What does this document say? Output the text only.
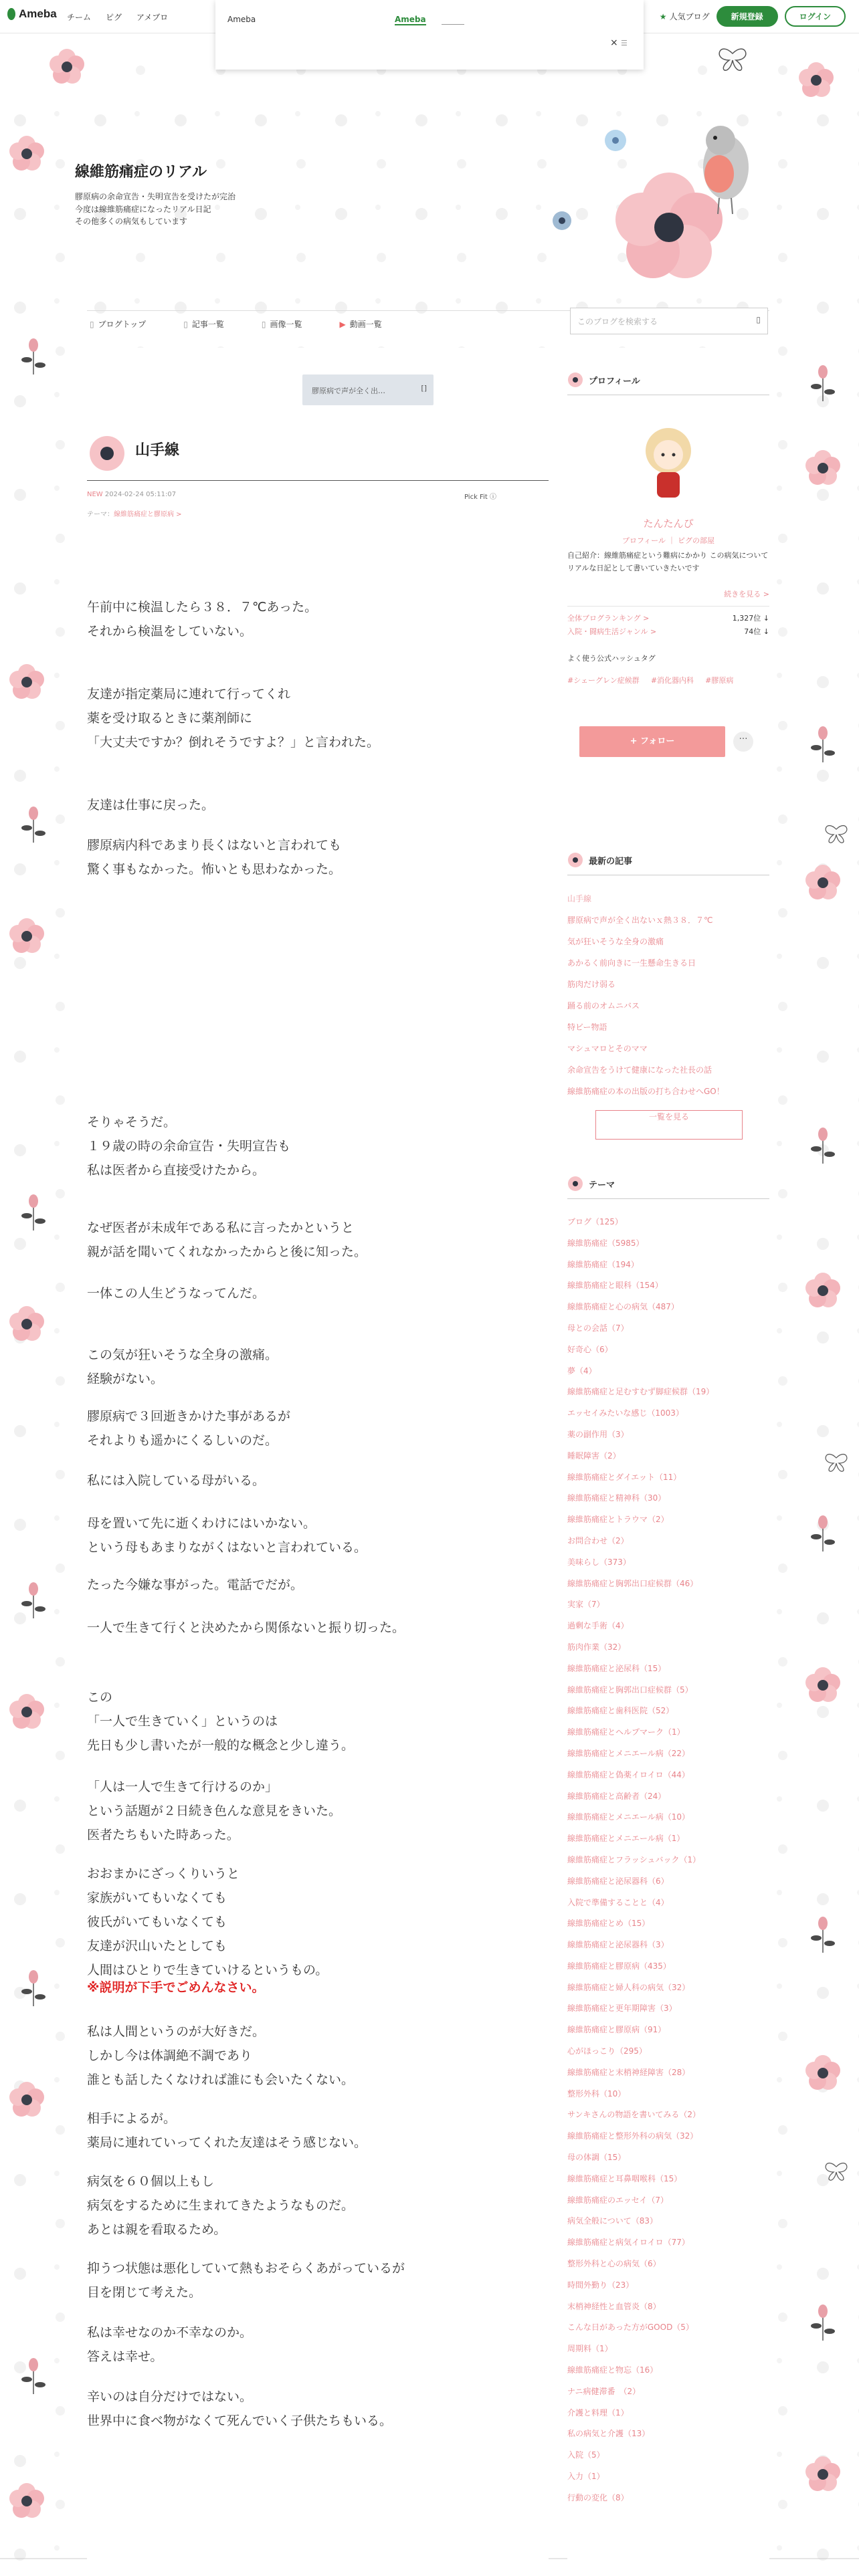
Ameba チーム ピグ アメブロ	★ 人気ブログ	新規登録	ログイン
Ameba	Ameba
× ☰
線維筋痛症のリアル
膠原病の余命宣告・失明宣告を受けたが完治
今度は線維筋痛症になったリアル日記
その他多くの病気もしています
▯ ブログトップ	▯ 記事一覧	▯ 画像一覧	▶ 動画一覧	このブログを検索する	▯
膠原病で声が全く出…	[]
山手線
NEW 2024-02-24 05:11:07	Pick Fit ⓘ
テーマ：線維筋痛症と膠原病 >
午前中に検温したら３８．７℃あった。
それから検温をしていない。
友達が指定薬局に連れて行ってくれ
薬を受け取るときに薬剤師に
「大丈夫ですか？倒れそうですよ？」と言われた。
友達は仕事に戻った。
膠原病内科であまり長くはないと言われても
驚く事もなかった。怖いとも思わなかった。
そりゃそうだ。
１９歳の時の余命宣告・失明宣告も
私は医者から直接受けたから。
なぜ医者が未成年である私に言ったかというと
親が話を聞いてくれなかったからと後に知った。
一体この人生どうなってんだ。
この気が狂いそうな全身の激痛。
経験がない。
膠原病で３回逝きかけた事があるが
それよりも遥かにくるしいのだ。
私には入院している母がいる。
母を置いて先に逝くわけにはいかない。
という母もあまりながくはないと言われている。
たった今嫌な事がった。電話でだが。
一人で生きて行くと決めたから関係ないと振り切った。
この
「一人で生きていく」というのは
先日も少し書いたが一般的な概念と少し違う。
「人は一人で生きて行けるのか」
という話題が２日続き色んな意見をきいた。
医者たちもいた時あった。
おおまかにざっくりいうと
家族がいてもいなくても
彼氏がいてもいなくても
友達が沢山いたとしても
人間はひとりで生きていけるというもの。
※説明が下手でごめんなさい。
私は人間というのが大好きだ。
しかし今は体調絶不調であり
誰とも話したくなければ誰にも会いたくない。
相手によるが。
薬局に連れていってくれた友達はそう感じない。
病気を６０個以上もし
病気をするために生まれてきたようなものだ。
あとは親を看取るため。
抑うつ状態は悪化していて熱もおそらくあがっているが
目を閉じて考えた。
私は幸せなのか不幸なのか。
答えは幸せ。
辛いのは自分だけではない。
世界中に食べ物がなくて死んでいく子供たちもいる。
プロフィール
たんたんぴ
プロフィール ｜ ピグの部屋
自己紹介：線維筋痛症という難病にかかり この病気についてリアルな日記として書いていきたいです
続きを見る >
全体ブログランキング >	1,327位 ↓
入院・闘病生活ジャンル >	74位 ↓
よく使う公式ハッシュタグ
#シェーグレン症候群 #消化器内科 #膠原病
+ フォロー	…
最新の記事
山手線
膠原病で声が全く出ないｘ熱３８．７℃
気が狂いそうな全身の激痛
あかるく前向きに一生懸命生きる日
筋肉だけ弱る
踊る前のオムニバス
特ビー物語
マシュマロとそのママ
余命宣告をうけて健康になった社長の話
線維筋痛症の本の出版の打ち合わせへGO！
一覧を見る
テーマ
ブログ（125）
線維筋痛症（5985）
線維筋痛症（194）
線維筋痛症と眼科（154）
線維筋痛症と心の病気（487）
母との会話（7）
好奇心（6）
夢（4）
線維筋痛症と足むすむず脚症候群（19）
エッセイみたいな感じ（1003）
薬の副作用（3）
睡眠障害（2）
線維筋痛症とダイエット（11）
線維筋痛症と精神科（30）
線維筋痛症とトラウマ（2）
お問合わせ（2）
美味らし（373）
線維筋痛症と胸郭出口症候群（46）
実家（7）
過剰な手術（4）
筋肉作業（32）
線維筋痛症と泌尿科（15）
線維筋痛症と胸郭出口症候群（5）
線維筋痛症と歯科医院（52）
線維筋痛症とヘルプマーク（1）
線維筋痛症とメニエール病（22）
線維筋痛症と偽薬イロイロ（44）
線維筋痛症と高齢者（24）
線維筋痛症とメニエール病（10）
線維筋痛症とメニエール病（1）
線維筋痛症とフラッシュバック（1）
線維筋痛症と泌尿器科（6）
入院で準備することと（4）
線維筋痛症とめ（15）
線維筋痛症と泌尿器科（3）
線維筋痛症と膠原病（435）
線維筋痛症と婦人科の病気（32）
線維筋痛症と更年期障害（3）
線維筋痛症と膠原病（91）
心がほっこり（295）
線維筋痛症と末梢神経障害（28）
整形外科（10）
サンキさんの物語を書いてみる（2）
線維筋痛症と整形外科の病気（32）
母の体調（15）
線維筋痛症と耳鼻咽喉科（15）
線維筋痛症のエッセイ（7）
病気全般について（83）
線維筋痛症と病気イロイロ（77）
整形外科と心の病気（6）
時間外勤り（23）
末梢神経性と血管炎（8）
こんな日があった方がGOOD（5）
周期料（1）
線維筋痛症と物忘（16）
ナニ病健滞番　（2）
介護と料理（1）
私の病気と介護（13）
入院（5）
入力（1）
行動の変化（8）
